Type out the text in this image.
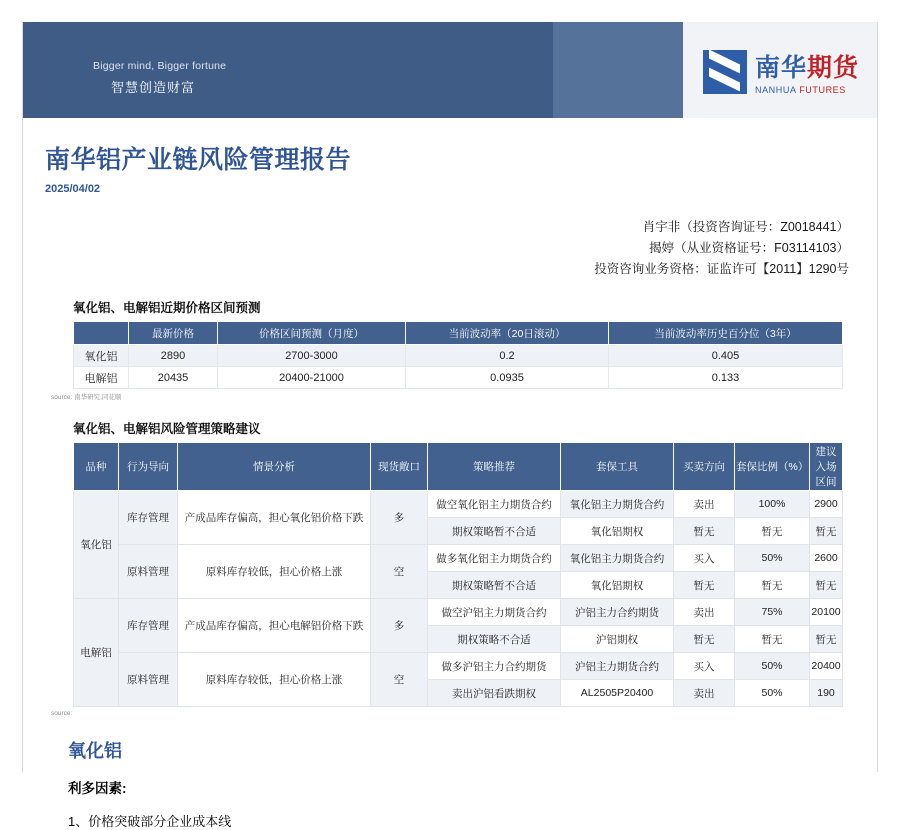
Bigger mind, Bigger fortune
智慧创造财富
南华期货
NANHUA FUTURES
南华铝产业链风险管理报告
2025/04/02
肖宇非（投资咨询证号：Z0018441）
揭婷（从业资格证号：F03114103）
投资咨询业务资格：证监许可【2011】1290号
氧化铝、电解铝近期价格区间预测
	最新价格	价格区间预测（月度）	当前波动率（20日滚动）	当前波动率历史百分位（3年）
氧化铝	2890	2700-3000	0.2	0.405
电解铝	20435	20400-21000	0.0935	0.133
source: 南华研究,同花顺
氧化铝、电解铝风险管理策略建议
品种	行为导向	情景分析	现货敞口	策略推荐	套保工具	买卖方向	套保比例（%）	建议入场区间
氧化铝	库存管理	产成品库存偏高，担心氧化铝价格下跌	多	做空氧化铝主力期货合约	氧化铝主力期货合约	卖出	100%	2900
				期权策略暂不合适	氧化铝期权	暂无	暂无	暂无
	原料管理	原料库存较低，担心价格上涨	空	做多氧化铝主力期货合约	氧化铝主力期货合约	买入	50%	2600
				期权策略暂不合适	氧化铝期权	暂无	暂无	暂无
电解铝	库存管理	产成品库存偏高，担心电解铝价格下跌	多	做空沪铝主力期货合约	沪铝主力合约期货	卖出	75%	20100
				期权策略不合适	沪铝期权	暂无	暂无	暂无
	原料管理	原料库存较低，担心价格上涨	空	做多沪铝主力合约期货	沪铝主力期货合约	买入	50%	20400
				卖出沪铝看跌期权	AL2505P20400	卖出	50%	190
source:
氧化铝
利多因素:
1、价格突破部分企业成本线
